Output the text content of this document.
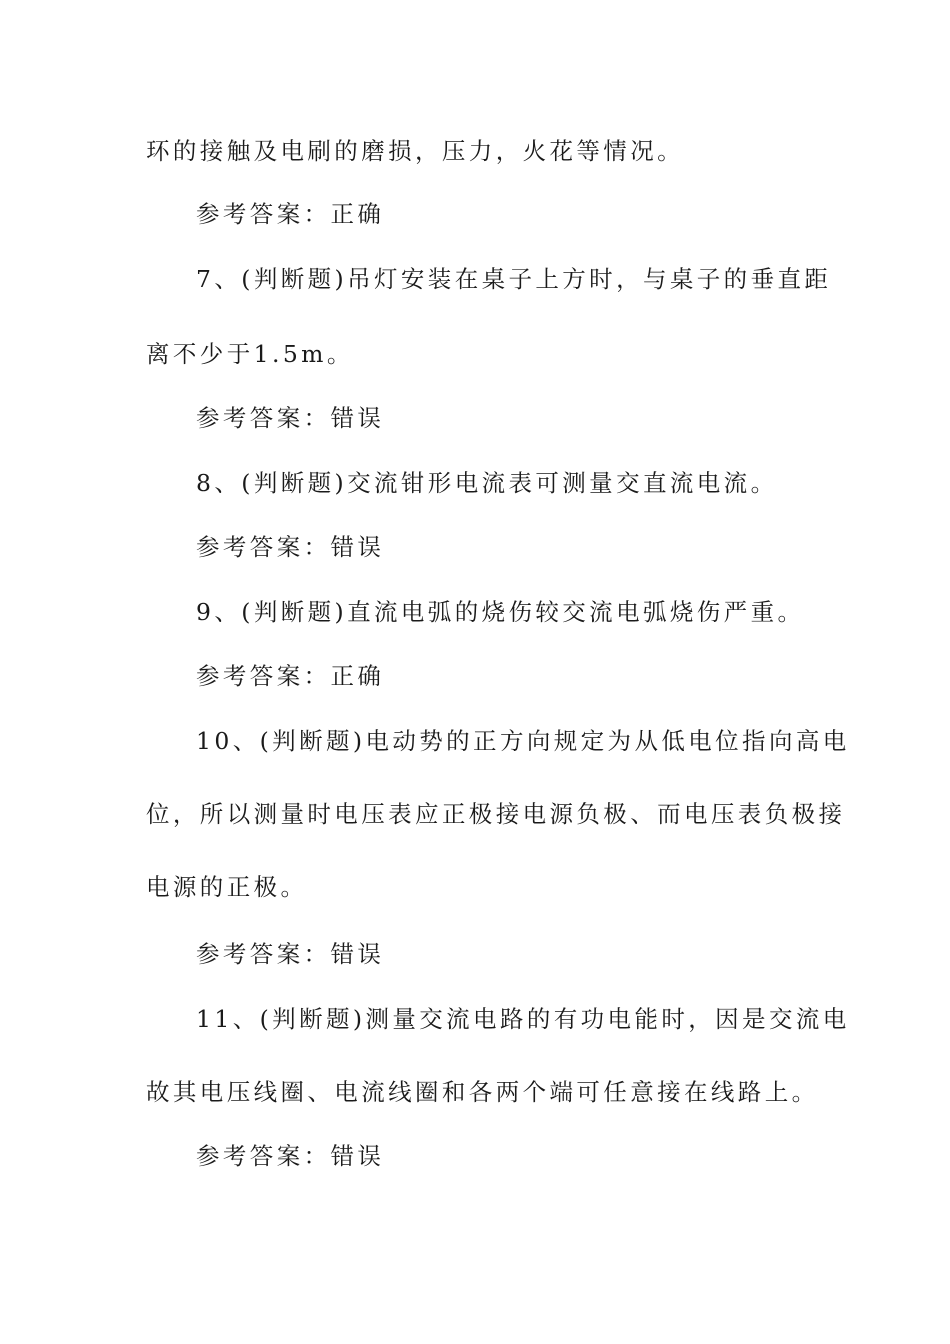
环的接触及电刷的磨损，压力，火花等情况。
参考答案：正确
7、(判断题)吊灯安装在桌子上方时，与桌子的垂直距
离不少于1.5m。
参考答案：错误
8、(判断题)交流钳形电流表可测量交直流电流。
参考答案：错误
9、(判断题)直流电弧的烧伤较交流电弧烧伤严重。
参考答案：正确
10、(判断题)电动势的正方向规定为从低电位指向高电
位，所以测量时电压表应正极接电源负极、而电压表负极接
电源的正极。
参考答案：错误
11、(判断题)测量交流电路的有功电能时，因是交流电
故其电压线圈、电流线圈和各两个端可任意接在线路上。
参考答案：错误
